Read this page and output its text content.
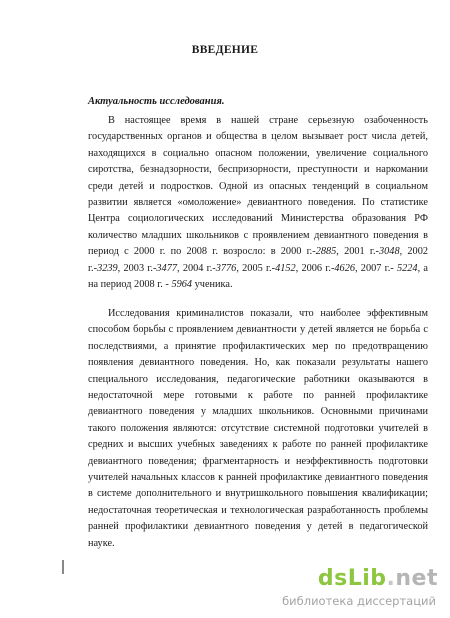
ВВЕДЕНИЕ
Актуальность исследования.
В настоящее время в нашей стране серьезную озабоченность государственных органов и общества в целом вызывает рост числа детей, находящихся в социально опасном положении, увеличение социального сиротства, безнадзорности, беспризорности, преступности и наркомании среди детей и подростков. Одной из опасных тенденций в социальном развитии является «омоложение» девиантного поведения. По статистике Центра социологических исследований Министерства образования РФ количество младших школьников с проявлением девиантного поведения в период с 2000 г. по 2008 г. возросло: в 2000 г.-2885, 2001 г.-3048, 2002 г.-3239, 2003 г.-3477, 2004 г.-3776, 2005 г.-4152, 2006 г.-4626, 2007 г.- 5224, а на период 2008 г. - 5964 ученика.
Исследования криминалистов показали, что наиболее эффективным способом борьбы с проявлением девиантности у детей является не борьба с последствиями, а принятие профилактических мер по предотвращению появления девиантного поведения. Но, как показали результаты нашего специального исследования, педагогические работники оказываются в недостаточной мере готовыми к работе по ранней профилактике девиантного поведения у младших школьников. Основными причинами такого положения являются: отсутствие системной подготовки учителей в средних и высших учебных заведениях к работе по ранней профилактике девиантного поведения; фрагментарность и неэффективность подготовки учителей начальных классов к ранней профилактике девиантного поведения в системе дополнительного и внутришкольного повышения квалификации; недостаточная теоретическая и технологическая разработанность проблемы ранней профилактики девиантного поведения у детей в педагогической науке.
dsLib.net
библиотека диссертаций
